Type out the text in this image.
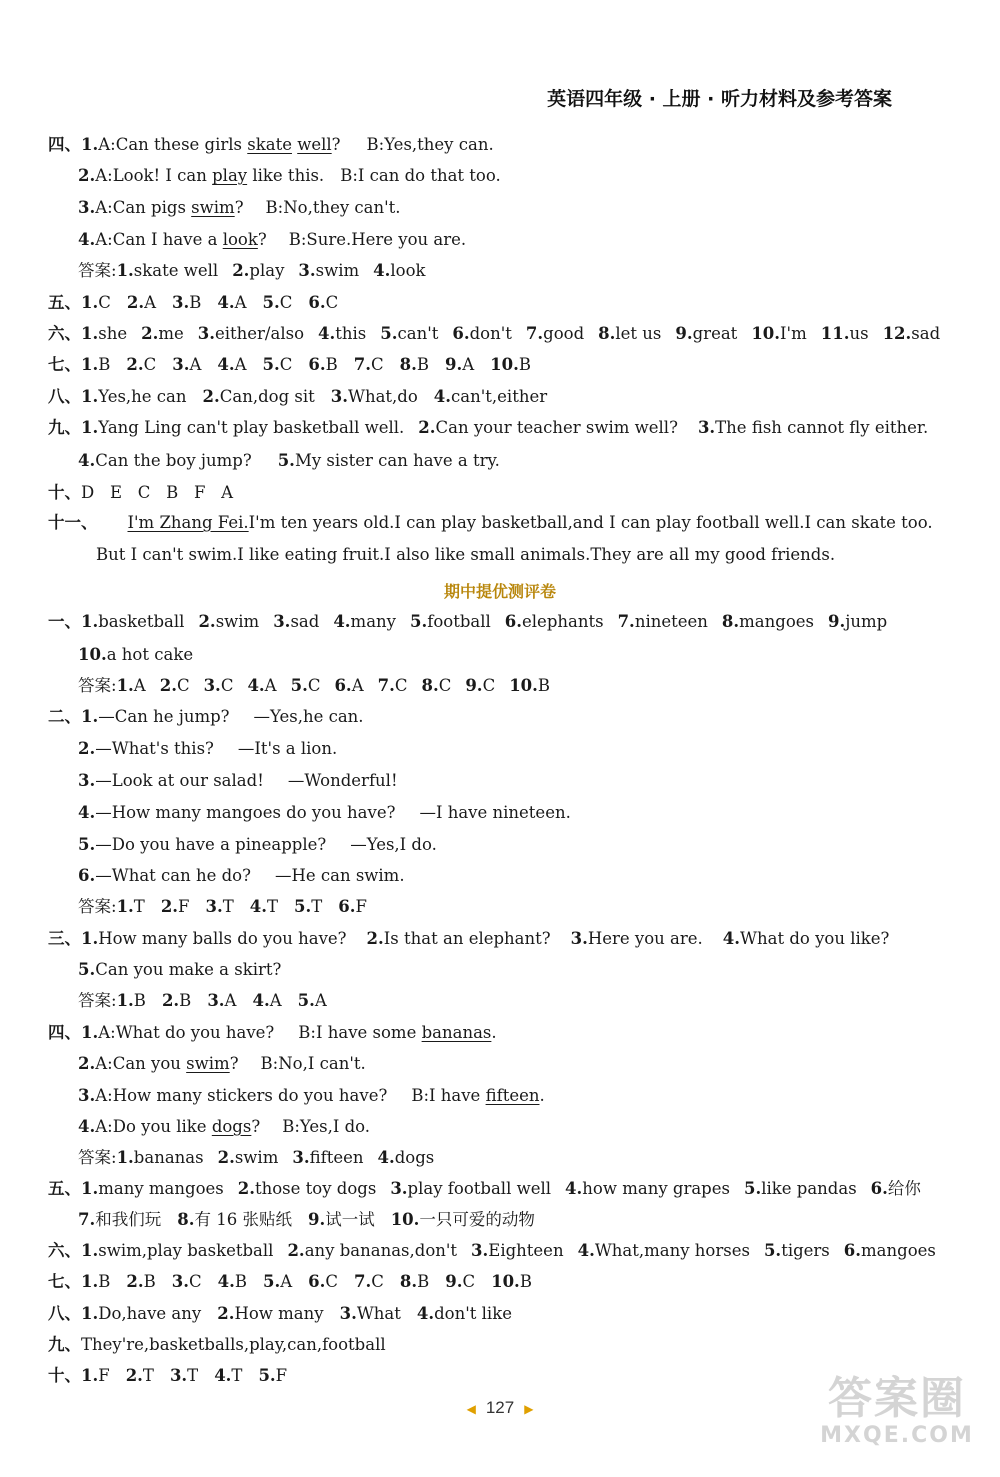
英语四年级 · 上册 · 听力材料及参考答案
四、1.A:Can these girls skate well? B:Yes,they can.
2.A:Look! I can play like this. B:I can do that too.
3.A:Can pigs swim? B:No,they can't.
4.A:Can I have a look? B:Sure.Here you are.
答案:1.skate well 2.play 3.swim 4.look
五、1.C 2.A 3.B 4.A 5.C 6.C
六、1.she 2.me 3.either/also 4.this 5.can't 6.don't 7.good 8.let us 9.great 10.I'm 11.us 12.sad
七、1.B 2.C 3.A 4.A 5.C 6.B 7.C 8.B 9.A 10.B
八、1.Yes,he can 2.Can,dog sit 3.What,do 4.can't,either
九、1.Yang Ling can't play basketball well. 2.Can your teacher swim well? 3.The fish cannot fly either.
4.Can the boy jump? 5.My sister can have a try.
十、D   E   C   B   F   A
十一、 I'm Zhang Fei.I'm ten years old.I can play basketball,and I can play football well.I can skate too.
But I can't swim.I like eating fruit.I also like small animals.They are all my good friends.
期中提优测评卷
一、1.basketball 2.swim 3.sad 4.many 5.football 6.elephants 7.nineteen 8.mangoes 9.jump
10.a hot cake
答案:1.A 2.C 3.C 4.A 5.C 6.A 7.C 8.C 9.C 10.B
二、1.—Can he jump? —Yes,he can.
2.—What's this? —It's a lion.
3.—Look at our salad! —Wonderful!
4.—How many mangoes do you have? —I have nineteen.
5.—Do you have a pineapple? —Yes,I do.
6.—What can he do? —He can swim.
答案:1.T 2.F 3.T 4.T 5.T 6.F
三、1.How many balls do you have? 2.Is that an elephant? 3.Here you are. 4.What do you like?
5.Can you make a skirt?
答案:1.B 2.B 3.A 4.A 5.A
四、1.A:What do you have? B:I have some bananas.
2.A:Can you swim? B:No,I can't.
3.A:How many stickers do you have? B:I have fifteen.
4.A:Do you like dogs? B:Yes,I do.
答案:1.bananas 2.swim 3.fifteen 4.dogs
五、1.many mangoes 2.those toy dogs 3.play football well 4.how many grapes 5.like pandas 6.给你
7.和我们玩 8.有 16 张贴纸 9.试一试 10.一只可爱的动物
六、1.swim,play basketball 2.any bananas,don't 3.Eighteen 4.What,many horses 5.tigers 6.mangoes
七、1.B 2.B 3.C 4.B 5.A 6.C 7.C 8.B 9.C 10.B
八、1.Do,have any 2.How many 3.What 4.don't like
九、They're,basketballs,play,can,football
十、1.F 2.T 3.T 4.T 5.F
◀ 127 ▶	答案圈
MXQE.COM
